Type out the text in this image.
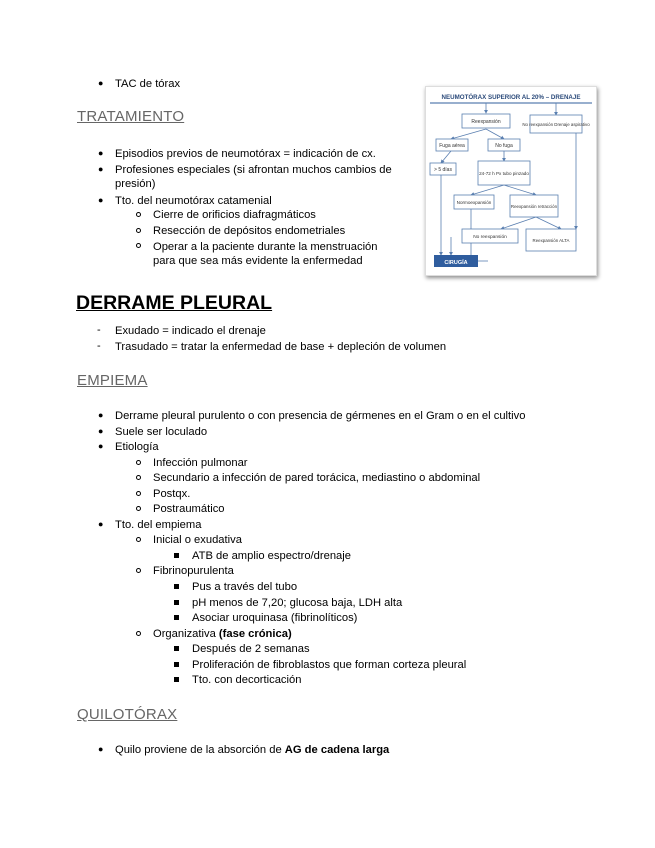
● TAC de tórax
TRATAMIENTO
● Episodios previos de neumotórax = indicación de cx.
● Profesiones especiales (si afrontan muchos cambios de presión)
● Tto. del neumotórax catamenial
Cierre de orificios diafragmáticos
Resección de depósitos endometriales
Operar a la paciente durante la menstruación para que sea más evidente la enfermedad
NEUMOTÓRAX SUPERIOR AL 20% – DRENAJE
Reexpansión	No reexpansión Drenaje aspirativo
Fuga aérea	No fuga
> 5 días
24-72 h Px tubo pinzado
Normoexpansión
Reexpansión retracción
No reexpansión
Reexpansión ALTA
CIRUGÍA
DERRAME PLEURAL
- Exudado = indicado el drenaje
- Trasudado = tratar la enfermedad de base + depleción de volumen
EMPIEMA
● Derrame pleural purulento o con presencia de gérmenes en el Gram o en el cultivo
● Suele ser loculado
● Etiología
Infección pulmonar
Secundario a infección de pared torácica, mediastino o abdominal
Postqx.
Postraumático
● Tto. del empiema
Inicial o exudativa
ATB de amplio espectro/drenaje
Fibrinopurulenta
Pus a través del tubo
pH menos de 7,20; glucosa baja, LDH alta
Asociar uroquinasa (fibrinolíticos)
Organizativa (fase crónica)
Después de 2 semanas
Proliferación de fibroblastos que forman corteza pleural
Tto. con decorticación
QUILOTÓRAX
● Quilo proviene de la absorción de AG de cadena larga
